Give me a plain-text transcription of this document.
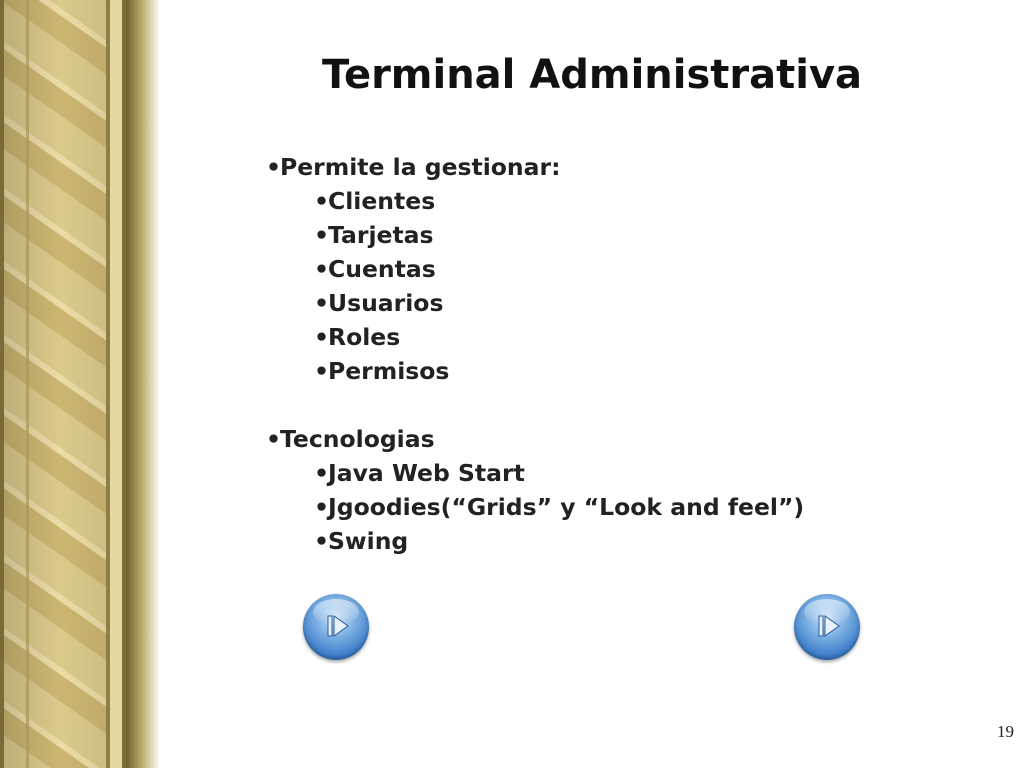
Terminal Administrativa
•Permite la gestionar:
•Clientes
•Tarjetas
•Cuentas
•Usuarios
•Roles
•Permisos
•Tecnologias
•Java Web Start
•Jgoodies(“Grids” y “Look and feel”)
•Swing
19
